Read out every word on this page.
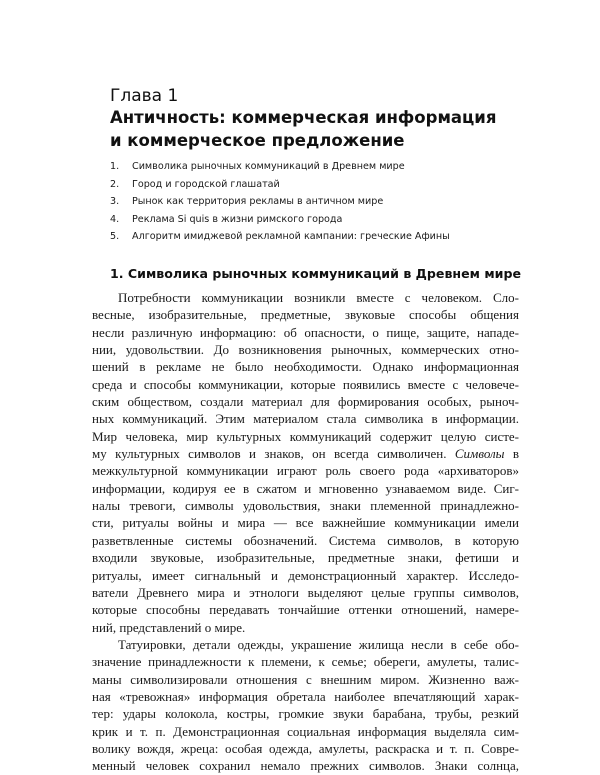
Глава 1
Античность: коммерческая информация
и коммерческое предложение
1.	Символика рыночных коммуникаций в Древнем мире
2.	Город и городской глашатай
3.	Рынок как территория рекламы в античном мире
4.	Реклама Si quis в жизни римского города
5.	Алгоритм имиджевой рекламной кампании: греческие Афины
1. Символика рыночных коммуникаций в Древнем мире
Потребности коммуникации возникли вместе с человеком. Сло-
весные, изобразительные, предметные, звуковые способы общения
несли различную информацию: об опасности, о пище, защите, нападе-
нии, удовольствии. До возникновения рыночных, коммерческих отно-
шений в рекламе не было необходимости. Однако информационная
среда и способы коммуникации, которые появились вместе с человече-
ским обществом, создали материал для формирования особых, рыноч-
ных коммуникаций. Этим материалом стала символика в информации.
Мир человека, мир культурных коммуникаций содержит целую систе-
му культурных символов и знаков, он всегда символичен. Символы в
межкультурной коммуникации играют роль своего рода «архиваторов»
информации, кодируя ее в сжатом и мгновенно узнаваемом виде. Сиг-
налы тревоги, символы удовольствия, знаки племенной принадлежно-
сти, ритуалы войны и мира — все важнейшие коммуникации имели
разветвленные системы обозначений. Система символов, в которую
входили звуковые, изобразительные, предметные знаки, фетиши и
ритуалы, имеет сигнальный и демонстрационный характер. Исследо-
ватели Древнего мира и этнологи выделяют целые группы символов,
которые способны передавать тончайшие оттенки отношений, намере-
ний, представлений о мире.
Татуировки, детали одежды, украшение жилища несли в себе обо-
значение принадлежности к племени, к семье; обереги, амулеты, талис-
маны символизировали отношения с внешним миром. Жизненно важ-
ная «тревожная» информация обретала наиболее впечатляющий харак-
тер: удары колокола, костры, громкие звуки барабана, трубы, резкий
крик и т. п. Демонстрационная социальная информация выделяла сим-
волику вождя, жреца: особая одежда, амулеты, раскраска и т. п. Совре-
менный человек сохранил немало прежних символов. Знаки солнца,
